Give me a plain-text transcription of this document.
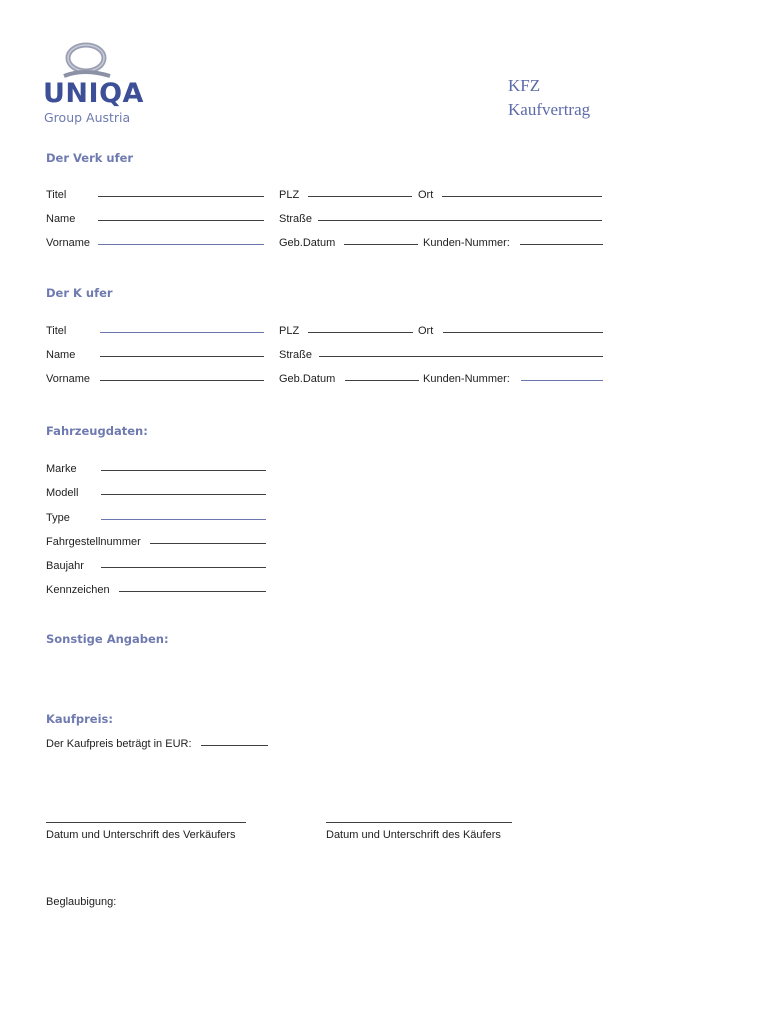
UNIQA
Group Austria
KFZ
Kaufvertrag
Der Verk ufer
Titel	PLZ	Ort
Name	Straße
Vorname	Geb.Datum	Kunden-Nummer:
Der K ufer
Titel	PLZ	Ort
Name	Straße
Vorname	Geb.Datum	Kunden-Nummer:
Fahrzeugdaten:
Marke
Modell
Type
Fahrgestellnummer
Baujahr
Kennzeichen
Sonstige Angaben:
Kaufpreis:
Der Kaufpreis beträgt in EUR:
Datum und Unterschrift des Verkäufers	Datum und Unterschrift des Käufers
Beglaubigung:
